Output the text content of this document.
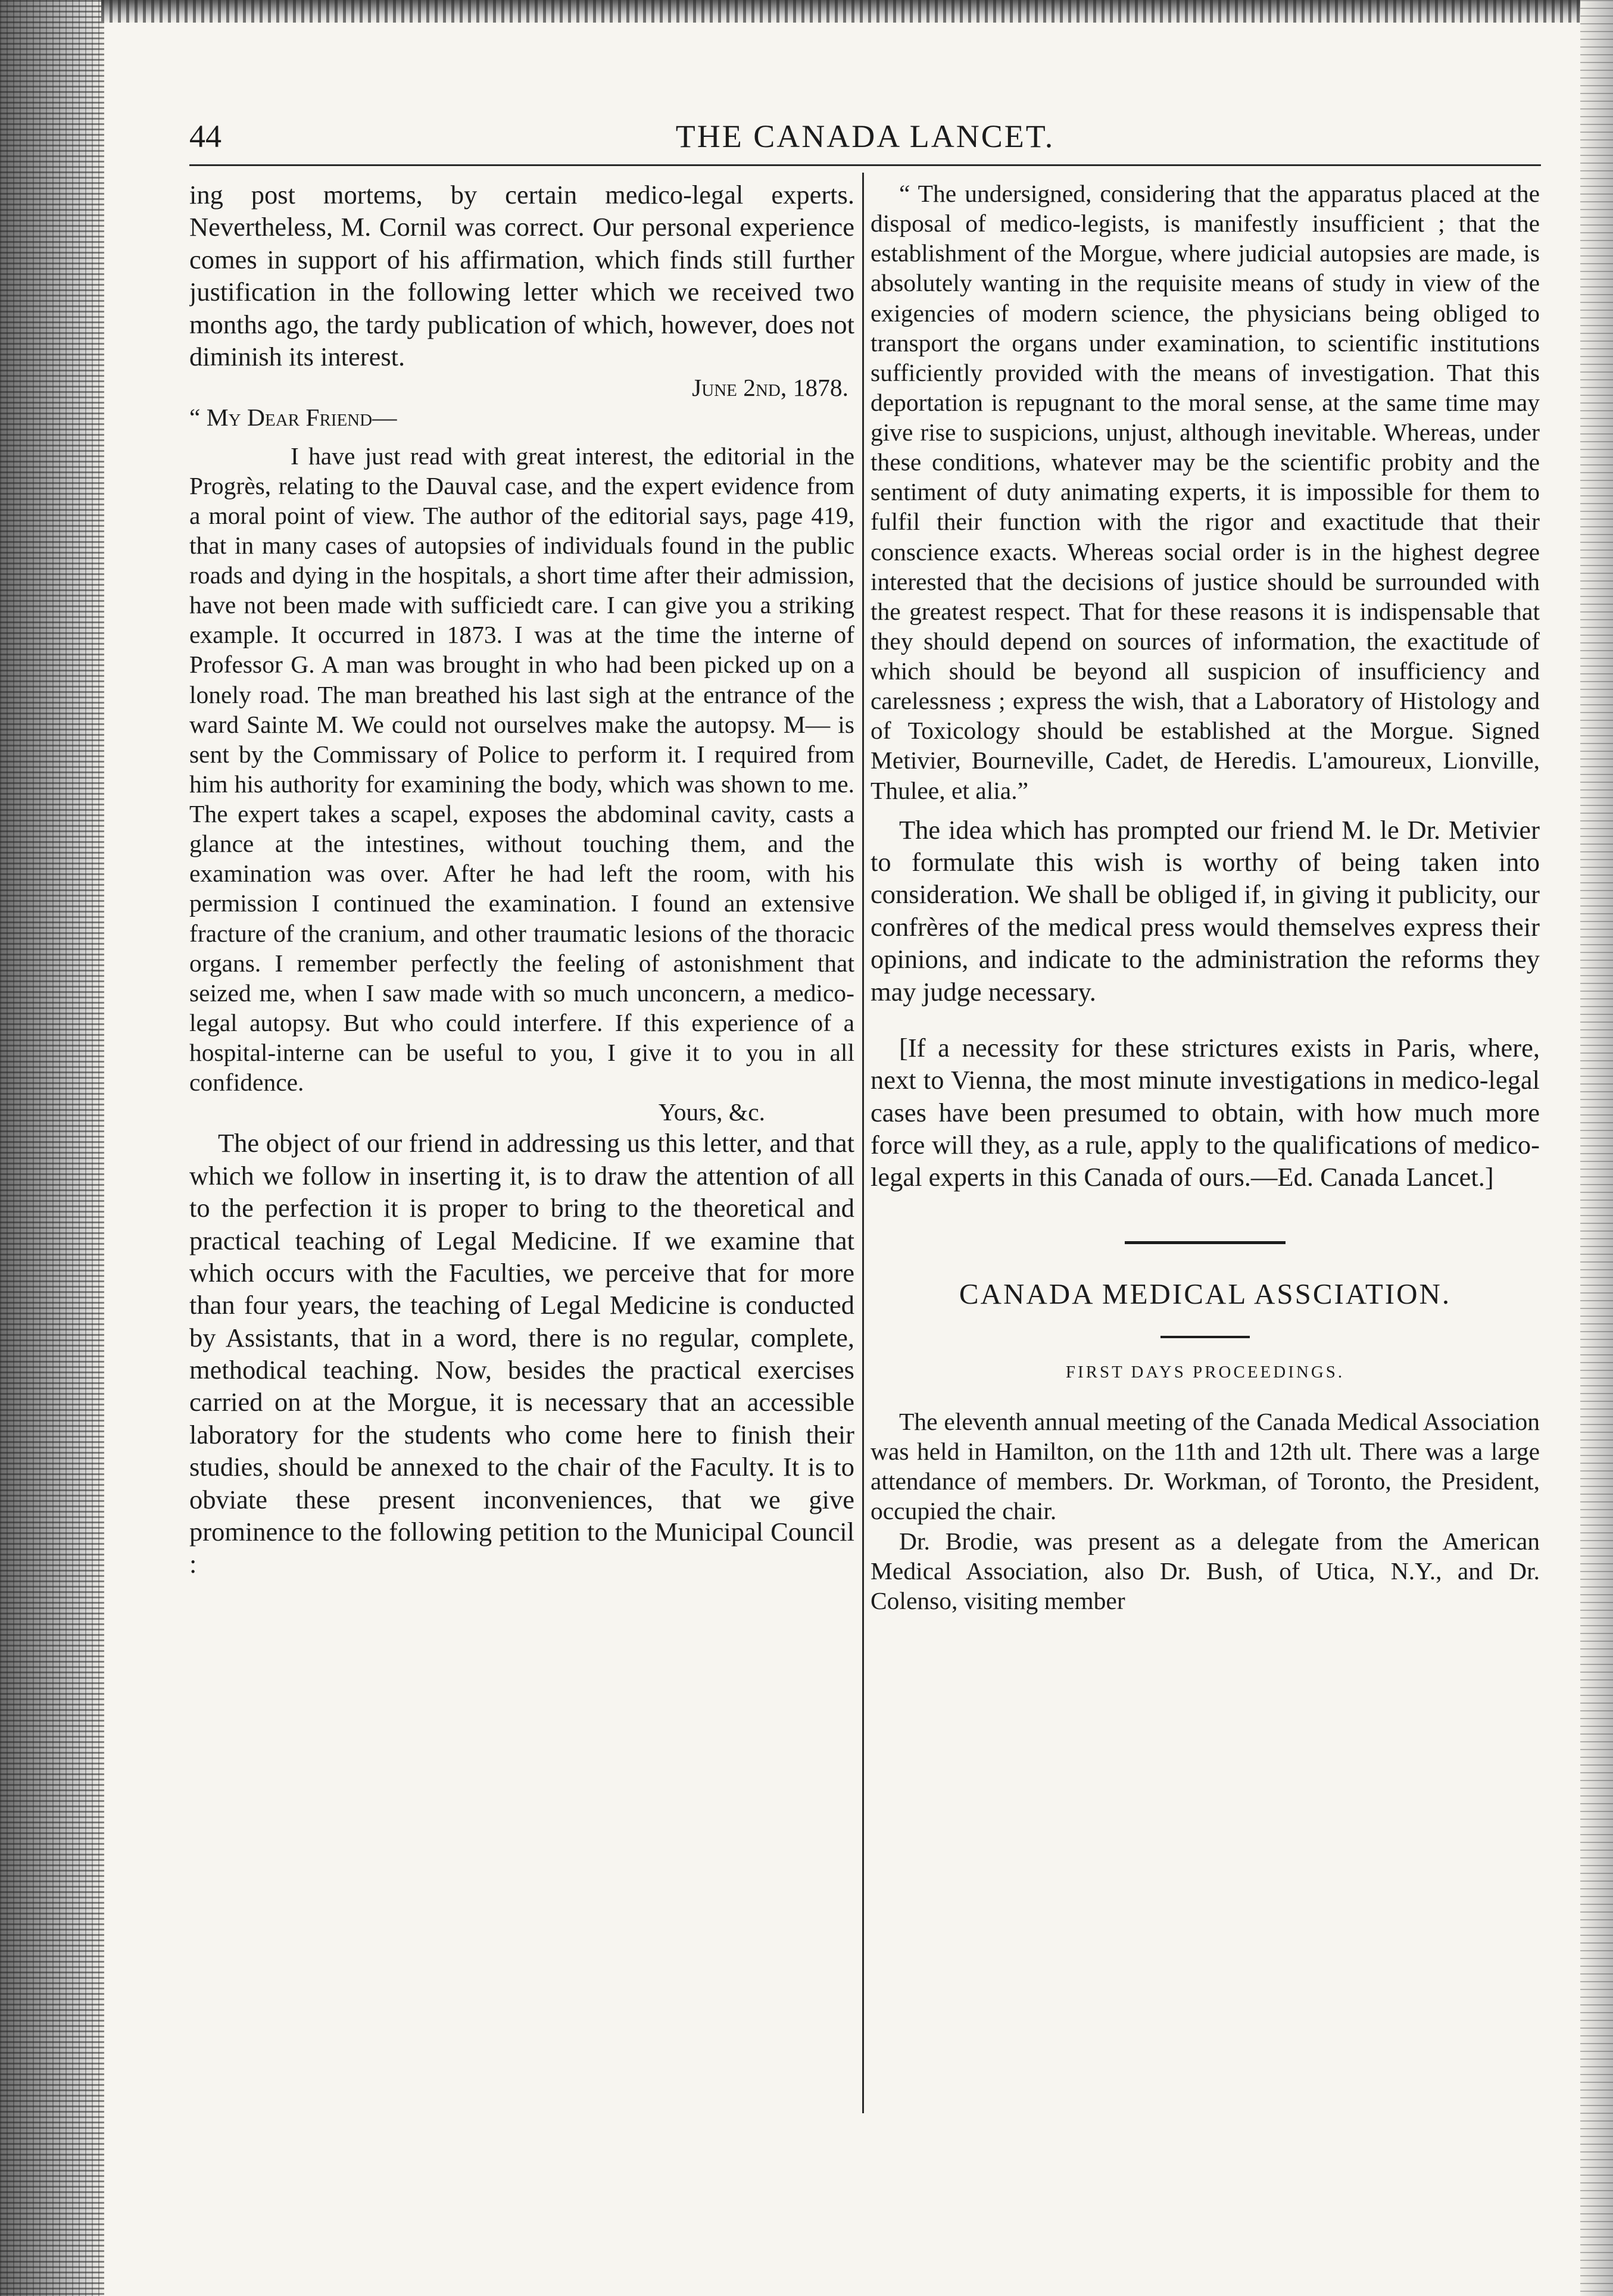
44	THE CANADA LANCET.

ing post mortems, by certain medico-legal experts. Nevertheless, M. Cornil was correct. Our personal experience comes in support of his affirmation, which finds still further justification in the following letter which we received two months ago, the tardy publication of which, however, does not diminish its interest.

June 2nd, 1878.

“ My Dear Friend—

I have just read with great interest, the editorial in the Progrès, relating to the Dauval case, and the expert evidence from a moral point of view. The author of the editorial says, page 419, that in many cases of autopsies of individuals found in the public roads and dying in the hospitals, a short time after their admission, have not been made with sufficiedt care. I can give you a striking example. It occurred in 1873. I was at the time the interne of Professor G. A man was brought in who had been picked up on a lonely road. The man breathed his last sigh at the entrance of the ward Sainte M. We could not ourselves make the autopsy. M— is sent by the Commissary of Police to perform it. I required from him his authority for examining the body, which was shown to me. The expert takes a scapel, exposes the abdominal cavity, casts a glance at the intestines, without touching them, and the examination was over. After he had left the room, with his permission I continued the examination. I found an extensive fracture of the cranium, and other traumatic lesions of the thoracic organs. I remember perfectly the feeling of astonishment that seized me, when I saw made with so much unconcern, a medico-legal autopsy. But who could interfere. If this experience of a hospital-interne can be useful to you, I give it to you in all confidence.

Yours, &c.

The object of our friend in addressing us this letter, and that which we follow in inserting it, is to draw the attention of all to the perfection it is proper to bring to the theoretical and practical teaching of Legal Medicine. If we examine that which occurs with the Faculties, we perceive that for more than four years, the teaching of Legal Medicine is conducted by Assistants, that in a word, there is no regular, complete, methodical teaching. Now, besides the practical exercises carried on at the Morgue, it is necessary that an accessible laboratory for the students who come here to finish their studies, should be annexed to the chair of the Faculty. It is to obviate these present inconveniences, that we give prominence to the following petition to the Municipal Council :

“ The undersigned, considering that the apparatus placed at the disposal of medico-legists, is manifestly insufficient ; that the establishment of the Morgue, where judicial autopsies are made, is absolutely wanting in the requisite means of study in view of the exigencies of modern science, the physicians being obliged to transport the organs under examination, to scientific institutions sufficiently provided with the means of investigation. That this deportation is repugnant to the moral sense, at the same time may give rise to suspicions, unjust, although inevitable. Whereas, under these conditions, whatever may be the scientific probity and the sentiment of duty animating experts, it is impossible for them to fulfil their function with the rigor and exactitude that their conscience exacts. Whereas social order is in the highest degree interested that the decisions of justice should be surrounded with the greatest respect. That for these reasons it is indispensable that they should depend on sources of information, the exactitude of which should be beyond all suspicion of insufficiency and carelessness ; express the wish, that a Laboratory of Histology and of Toxicology should be established at the Morgue. Signed Metivier, Bourneville, Cadet, de Heredis. L'amoureux, Lionville, Thulee, et alia.”

The idea which has prompted our friend M. le Dr. Metivier to formulate this wish is worthy of being taken into consideration. We shall be obliged if, in giving it publicity, our confrères of the medical press would themselves express their opinions, and indicate to the administration the reforms they may judge necessary.

[If a necessity for these strictures exists in Paris, where, next to Vienna, the most minute investigations in medico-legal cases have been presumed to obtain, with how much more force will they, as a rule, apply to the qualifications of medico-legal experts in this Canada of ours.—Ed. Canada Lancet.]

CANADA MEDICAL ASSCIATION.

FIRST DAYS PROCEEDINGS.

The eleventh annual meeting of the Canada Medical Association was held in Hamilton, on the 11th and 12th ult. There was a large attendance of members. Dr. Workman, of Toronto, the President, occupied the chair.

Dr. Brodie, was present as a delegate from the American Medical Association, also Dr. Bush, of Utica, N.Y., and Dr. Colenso, visiting member
